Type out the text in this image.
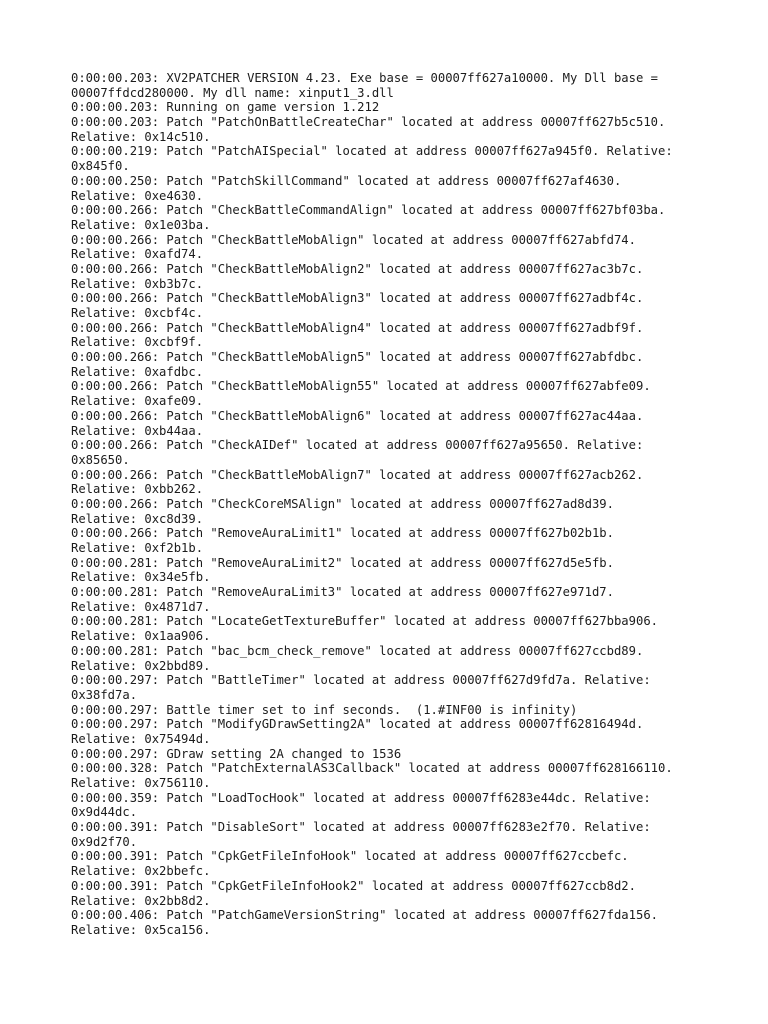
0:00:00.203: XV2PATCHER VERSION 4.23. Exe base = 00007ff627a10000. My Dll base =
00007ffdcd280000. My dll name: xinput1_3.dll
0:00:00.203: Running on game version 1.212
0:00:00.203: Patch "PatchOnBattleCreateChar" located at address 00007ff627b5c510.
Relative: 0x14c510.
0:00:00.219: Patch "PatchAISpecial" located at address 00007ff627a945f0. Relative:
0x845f0.
0:00:00.250: Patch "PatchSkillCommand" located at address 00007ff627af4630.
Relative: 0xe4630.
0:00:00.266: Patch "CheckBattleCommandAlign" located at address 00007ff627bf03ba.
Relative: 0x1e03ba.
0:00:00.266: Patch "CheckBattleMobAlign" located at address 00007ff627abfd74.
Relative: 0xafd74.
0:00:00.266: Patch "CheckBattleMobAlign2" located at address 00007ff627ac3b7c.
Relative: 0xb3b7c.
0:00:00.266: Patch "CheckBattleMobAlign3" located at address 00007ff627adbf4c.
Relative: 0xcbf4c.
0:00:00.266: Patch "CheckBattleMobAlign4" located at address 00007ff627adbf9f.
Relative: 0xcbf9f.
0:00:00.266: Patch "CheckBattleMobAlign5" located at address 00007ff627abfdbc.
Relative: 0xafdbc.
0:00:00.266: Patch "CheckBattleMobAlign55" located at address 00007ff627abfe09.
Relative: 0xafe09.
0:00:00.266: Patch "CheckBattleMobAlign6" located at address 00007ff627ac44aa.
Relative: 0xb44aa.
0:00:00.266: Patch "CheckAIDef" located at address 00007ff627a95650. Relative:
0x85650.
0:00:00.266: Patch "CheckBattleMobAlign7" located at address 00007ff627acb262.
Relative: 0xbb262.
0:00:00.266: Patch "CheckCoreMSAlign" located at address 00007ff627ad8d39.
Relative: 0xc8d39.
0:00:00.266: Patch "RemoveAuraLimit1" located at address 00007ff627b02b1b.
Relative: 0xf2b1b.
0:00:00.281: Patch "RemoveAuraLimit2" located at address 00007ff627d5e5fb.
Relative: 0x34e5fb.
0:00:00.281: Patch "RemoveAuraLimit3" located at address 00007ff627e971d7.
Relative: 0x4871d7.
0:00:00.281: Patch "LocateGetTextureBuffer" located at address 00007ff627bba906.
Relative: 0x1aa906.
0:00:00.281: Patch "bac_bcm_check_remove" located at address 00007ff627ccbd89.
Relative: 0x2bbd89.
0:00:00.297: Patch "BattleTimer" located at address 00007ff627d9fd7a. Relative:
0x38fd7a.
0:00:00.297: Battle timer set to inf seconds.  (1.#INF00 is infinity)
0:00:00.297: Patch "ModifyGDrawSetting2A" located at address 00007ff62816494d.
Relative: 0x75494d.
0:00:00.297: GDraw setting 2A changed to 1536
0:00:00.328: Patch "PatchExternalAS3Callback" located at address 00007ff628166110.
Relative: 0x756110.
0:00:00.359: Patch "LoadTocHook" located at address 00007ff6283e44dc. Relative:
0x9d44dc.
0:00:00.391: Patch "DisableSort" located at address 00007ff6283e2f70. Relative:
0x9d2f70.
0:00:00.391: Patch "CpkGetFileInfoHook" located at address 00007ff627ccbefc.
Relative: 0x2bbefc.
0:00:00.391: Patch "CpkGetFileInfoHook2" located at address 00007ff627ccb8d2.
Relative: 0x2bb8d2.
0:00:00.406: Patch "PatchGameVersionString" located at address 00007ff627fda156.
Relative: 0x5ca156.
